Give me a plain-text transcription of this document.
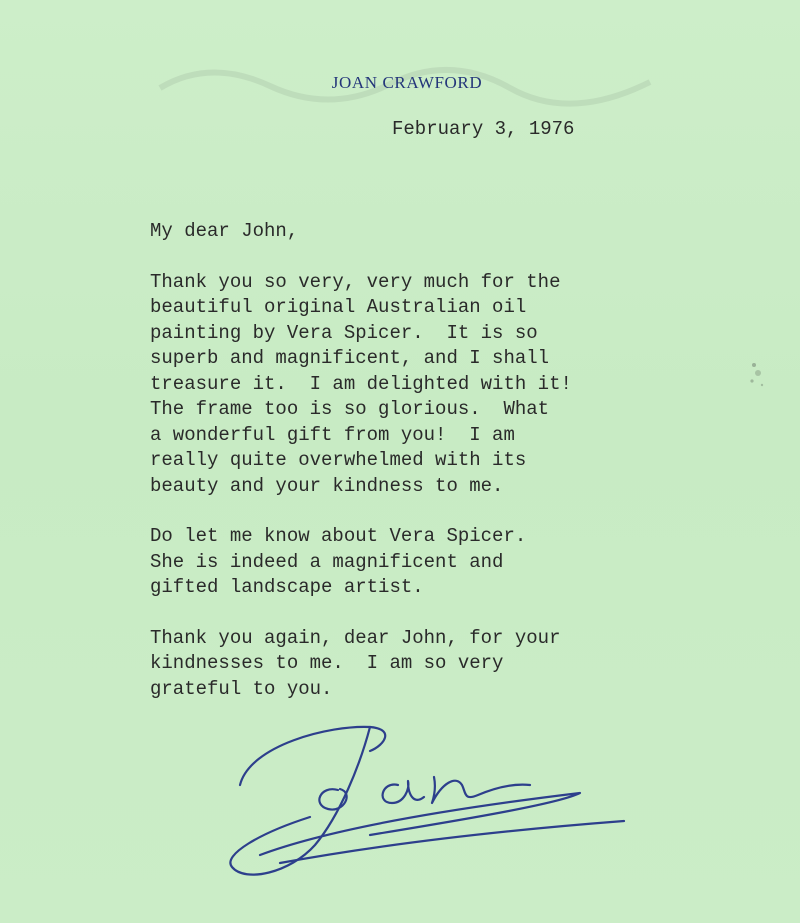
JOAN CRAWFORD
February 3, 1976
My dear John,
Thank you so very, very much for the
beautiful original Australian oil
painting by Vera Spicer.  It is so
superb and magnificent, and I shall
treasure it.  I am delighted with it!
The frame too is so glorious.  What
a wonderful gift from you!  I am
really quite overwhelmed with its
beauty and your kindness to me.
Do let me know about Vera Spicer.
She is indeed a magnificent and
gifted landscape artist.
Thank you again, dear John, for your
kindnesses to me.  I am so very
grateful to you.
